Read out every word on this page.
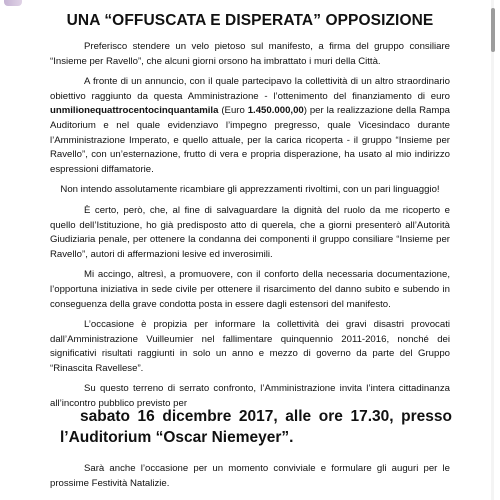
UNA “OFFUSCATA E DISPERATA” OPPOSIZIONE

Preferisco stendere un velo pietoso sul manifesto, a firma del gruppo consiliare “Insieme per Ravello”, che alcuni giorni orsono ha imbrattato i muri della Città.

A fronte di un annuncio, con il quale partecipavo la collettività di un altro straordinario obiettivo raggiunto da questa Amministrazione - l’ottenimento del finanziamento di euro unmilionequattrocentocinquantamila (Euro 1.450.000,00) per la realizzazione della Rampa Auditorium e nel quale evidenziavo l’impegno pregresso, quale Vicesindaco durante l’Amministrazione Imperato, e quello attuale, per la carica ricoperta - il gruppo “Insieme per Ravello”, con un’esternazione, frutto di vera e propria disperazione, ha usato al mio indirizzo espressioni diffamatorie.

Non intendo assolutamente ricambiare gli apprezzamenti rivoltimi, con un pari linguaggio!

È certo, però, che, al fine di salvaguardare la dignità del ruolo da me ricoperto e quello dell’Istituzione, ho già predisposto atto di querela, che a giorni presenterò all’Autorità Giudiziaria penale, per ottenere la condanna dei componenti il gruppo consiliare “Insieme per Ravello”, autori di affermazioni lesive ed inverosimili.

Mi accingo, altresì, a promuovere, con il conforto della necessaria documentazione, l’opportuna iniziativa in sede civile per ottenere il risarcimento del danno subito e subendo in conseguenza della grave condotta posta in essere dagli estensori del manifesto.

L’occasione è propizia per informare la collettività dei gravi disastri provocati dall’Amministrazione Vuilleumier nel fallimentare quinquennio 2011-2016, nonché dei significativi risultati raggiunti in solo un anno e mezzo di governo da parte del Gruppo “Rinascita Ravellese”.

Su questo terreno di serrato confronto, l’Amministrazione invita l’intera cittadinanza all’incontro pubblico previsto per

sabato 16 dicembre 2017, alle ore 17.30, presso l’Auditorium “Oscar Niemeyer”.
Sarà anche l’occasione per un momento conviviale e formulare gli auguri per le prossime Festività Natalizie.
